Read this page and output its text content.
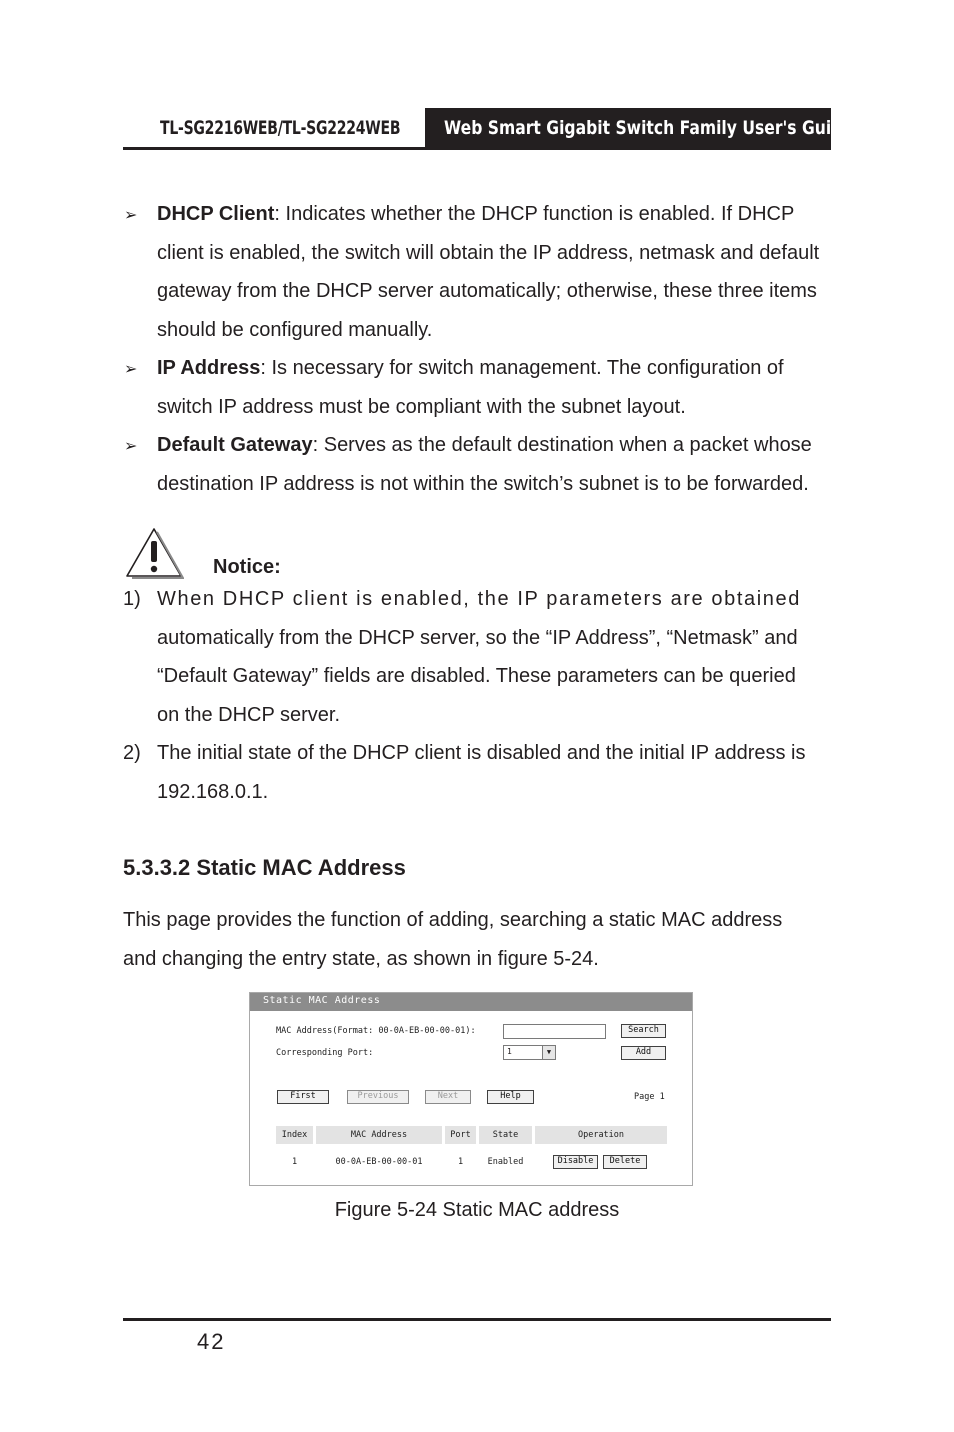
TL-SG2216WEB/TL-SG2224WEB Web Smart Gigabit Switch Family User's Guide
➢ DHCP Client: Indicates whether the DHCP function is enabled. If DHCP
client is enabled, the switch will obtain the IP address, netmask and default
gateway from the DHCP server automatically; otherwise, these three items
should be configured manually.
➢ IP Address: Is necessary for switch management. The configuration of
switch IP address must be compliant with the subnet layout.
➢ Default Gateway: Serves as the default destination when a packet whose
destination IP address is not within the switch’s subnet is to be forwarded.
Notice:
1) When DHCP client is enabled, the IP parameters are obtained
automatically from the DHCP server, so the “IP Address”, “Netmask” and
“Default Gateway” fields are disabled. These parameters can be queried
on the DHCP server.
2) The initial state of the DHCP client is disabled and the initial IP address is
192.168.0.1.
5.3.3.2 Static MAC Address
This page provides the function of adding, searching a static MAC address
and changing the entry state, as shown in figure 5-24.
Static MAC Address
MAC Address(Format: 00-0A-EB-00-00-01):	Search
Corresponding Port:	1	▼	Add
First	Previous	Next	Help	Page 1
Index	MAC Address	Port	State	Operation
1	00-0A-EB-00-00-01	1	Enabled	Disable	Delete
Figure 5-24 Static MAC address
42
